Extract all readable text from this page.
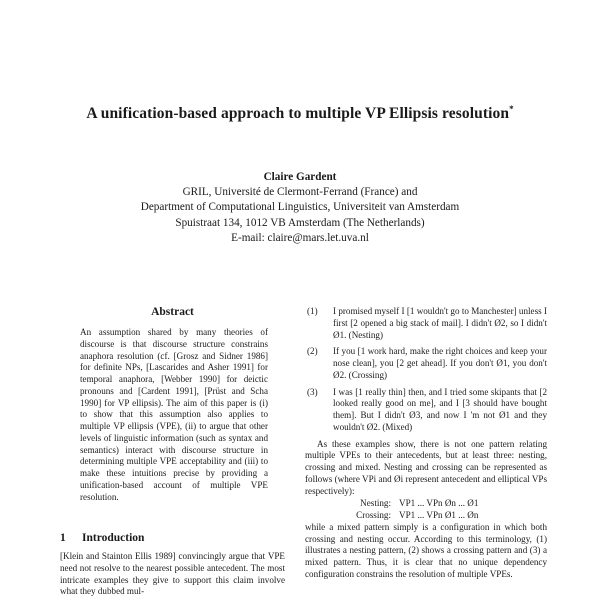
A unification-based approach to multiple VP Ellipsis resolution*
Claire Gardent
GRIL, Université de Clermont-Ferrand (France) and
Department of Computational Linguistics, Universiteit van Amsterdam
Spuistraat 134, 1012 VB Amsterdam (The Netherlands)
E-mail: claire@mars.let.uva.nl
Abstract
An assumption shared by many theories of discourse is that discourse structure constrains anaphora resolution (cf. [Grosz and Sidner 1986] for definite NPs, [Lascarides and Asher 1991] for temporal anaphora, [Webber 1990] for deictic pronouns and [Cardent 1991], [Prüst and Scha 1990] for VP ellipsis). The aim of this paper is (i) to show that this assumption also applies to multiple VP ellipsis (VPE), (ii) to argue that other levels of linguistic information (such as syntax and semantics) interact with discourse structure in determining multiple VPE acceptability and (iii) to make these intuitions precise by providing a unification-based account of multiple VPE resolution.
1 Introduction
[Klein and Stainton Ellis 1989] convincingly argue that VPE need not resolve to the nearest possible antecedent. The most intricate examples they give to support this claim involve what they dubbed mul-
(1) I promised myself I [1 wouldn't go to Manchester] unless I first [2 opened a big stack of mail]. I didn't Ø2, so I didn't Ø1. (Nesting)
(2) If you [1 work hard, make the right choices and keep your nose clean], you [2 get ahead]. If you don't Ø1, you don't Ø2. (Crossing)
(3) I was [1 really thin] then, and I tried some skipants that [2 looked really good on me], and I [3 should have bought them]. But I didn't Ø3, and now I 'm not Ø1 and they wouldn't Ø2. (Mixed)
As these examples show, there is not one pattern relating multiple VPEs to their antecedents, but at least three: nesting, crossing and mixed. Nesting and crossing can be represented as follows (where VPi and Øi represent antecedent and elliptical VPs respectively):
Nesting: VP1 ... VPn Øn ... Ø1
Crossing: VP1 ... VPn Ø1 ... Øn
while a mixed pattern simply is a configuration in which both crossing and nesting occur. According to this terminology, (1) illustrates a nesting pattern, (2) shows a crossing pattern and (3) a mixed pattern. Thus, it is clear that no unique dependency configuration constrains the resolution of multiple VPEs.
